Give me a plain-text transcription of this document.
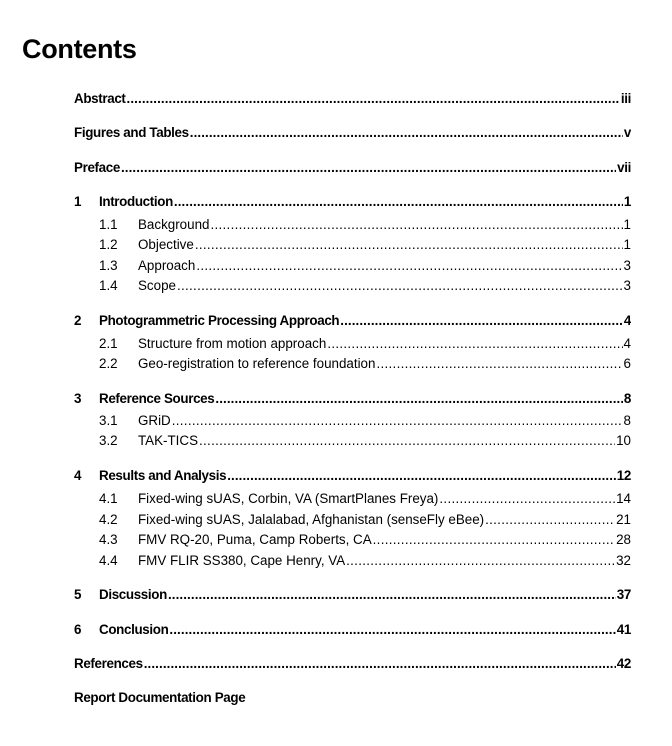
Contents
Abstract .....	iii
Figures and Tables .....	v
Preface .....	vii
1	Introduction .....	1
1.1	Background .....	1
1.2	Objective .....	1
1.3	Approach .....	3
1.4	Scope .....	3
2	Photogrammetric Processing Approach .....	4
2.1	Structure from motion approach .....	4
2.2	Geo-registration to reference foundation .....	6
3	Reference Sources .....	8
3.1	GRiD .....	8
3.2	TAK-TICS .....	10
4	Results and Analysis .....	12
4.1	Fixed-wing sUAS, Corbin, VA (SmartPlanes Freya) .....	14
4.2	Fixed-wing sUAS, Jalalabad, Afghanistan (senseFly eBee) .....	21
4.3	FMV RQ-20, Puma, Camp Roberts, CA .....	28
4.4	FMV FLIR SS380, Cape Henry, VA .....	32
5	Discussion .....	37
6	Conclusion .....	41
References .....	42
Report Documentation Page
